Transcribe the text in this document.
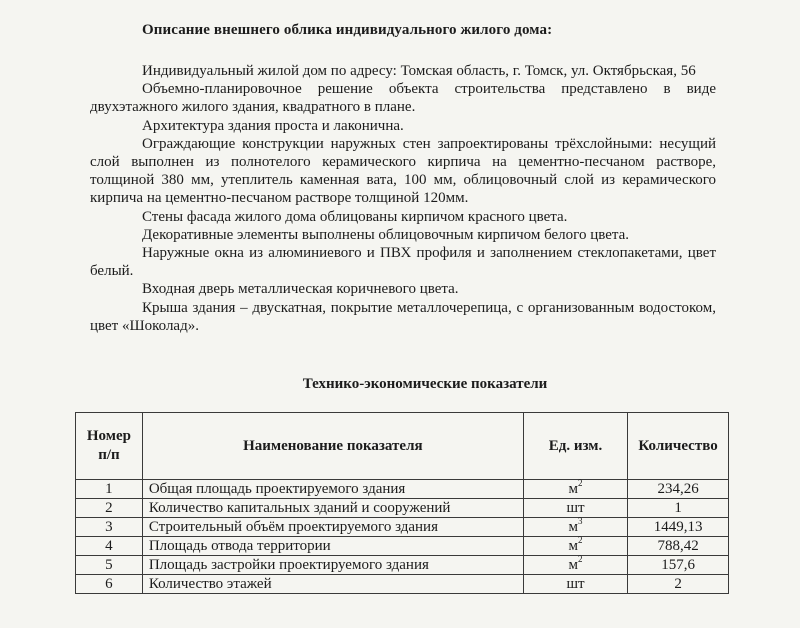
Описание внешнего облика индивидуального жилого дома:

Индивидуальный жилой дом по адресу: Томская область, г. Томск, ул. Октябрьская, 56

Объемно-планировочное решение объекта строительства представлено в виде двухэтажного жилого здания, квадратного в плане.

Архитектура здания проста и лаконична.

Ограждающие конструкции наружных стен запроектированы трёхслойными: несущий слой выполнен из полнотелого керамического кирпича на цементно-песчаном растворе, толщиной 380 мм, утеплитель каменная вата, 100 мм, облицовочный слой из керамического кирпича на цементно-песчаном растворе толщиной 120мм.

Стены фасада жилого дома облицованы кирпичом красного цвета.

Декоративные элементы выполнены облицовочным кирпичом белого цвета.

Наружные окна из алюминиевого и ПВХ профиля и заполнением стеклопакетами, цвет белый.

Входная дверь металлическая коричневого цвета.

Крыша здания – двускатная, покрытие металлочерепица, с организованным водостоком, цвет «Шоколад».

Технико-экономические показатели
Номер
п/п	Наименование показателя	Ед. изм.	Количество
1	Общая площадь проектируемого здания	$м^2$	234,26
2	Количество капитальных зданий и сооружений	шт	1
3	Строительный объём проектируемого здания	$м^3$	1449,13
4	Площадь отвода территории	$м^2$	788,42
5	Площадь застройки проектируемого здания	$м^2$	157,6
6	Количество этажей	шт	2
